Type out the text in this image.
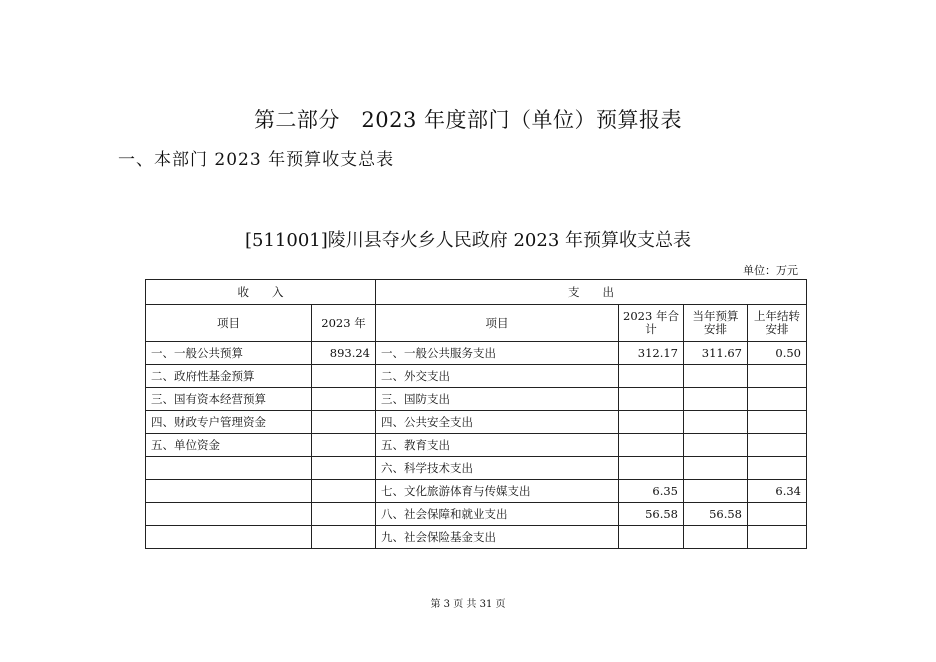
第二部分　2023 年度部门（单位）预算报表
一、本部门 2023 年预算收支总表
[511001]陵川县夺火乡人民政府 2023 年预算收支总表
单位：万元
收　　入		支　　出			
项目	2023 年	项目	2023 年合计	当年预算安排	上年结转安排
一、一般公共预算	893.24	一、一般公共服务支出	312.17	311.67	0.50
二、政府性基金预算		二、外交支出			
三、国有资本经营预算		三、国防支出			
四、财政专户管理资金		四、公共安全支出			
五、单位资金		五、教育支出			
		六、科学技术支出			
		七、文化旅游体育与传媒支出	6.35		6.34
		八、社会保障和就业支出	56.58	56.58	
		九、社会保险基金支出			
第 3 页 共 31 页
